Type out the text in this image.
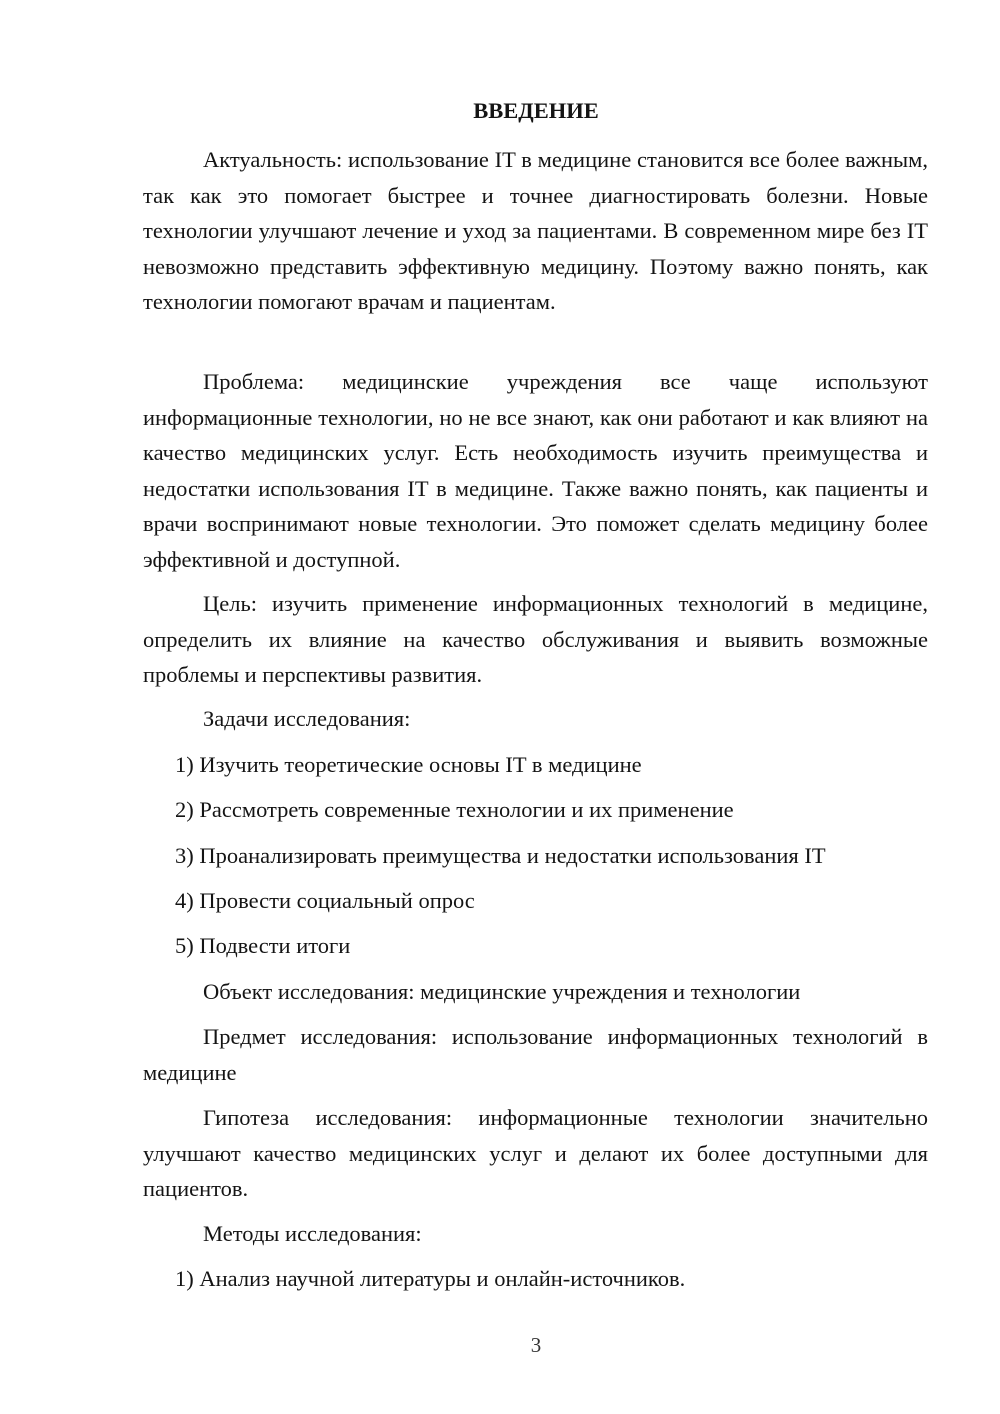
ВВЕДЕНИЕ

Актуальность: использование IT в медицине становится все более важным, так как это помогает быстрее и точнее диагностировать болезни. Новые технологии улучшают лечение и уход за пациентами. В современном мире без IT невозможно представить эффективную медицину. Поэтому важно понять, как технологии помогают врачам и пациентам.

Проблема: медицинские учреждения все чаще используют информационные технологии, но не все знают, как они работают и как влияют на качество медицинских услуг. Есть необходимость изучить преимущества и недостатки использования IT в медицине. Также важно понять, как пациенты и врачи воспринимают новые технологии. Это поможет сделать медицину более эффективной и доступной.

Цель: изучить применение информационных технологий в медицине, определить их влияние на качество обслуживания и выявить возможные проблемы и перспективы развития.

Задачи исследования:

1) Изучить теоретические основы IT в медицине

2) Рассмотреть современные технологии и их применение

3) Проанализировать преимущества и недостатки использования IT

4) Провести социальный опрос

5) Подвести итоги

Объект исследования: медицинские учреждения и технологии

Предмет исследования: использование информационных технологий в медицине

Гипотеза исследования: информационные технологии значительно улучшают качество медицинских услуг и делают их более доступными для пациентов.

Методы исследования:

1) Анализ научной литературы и онлайн-источников.

3
